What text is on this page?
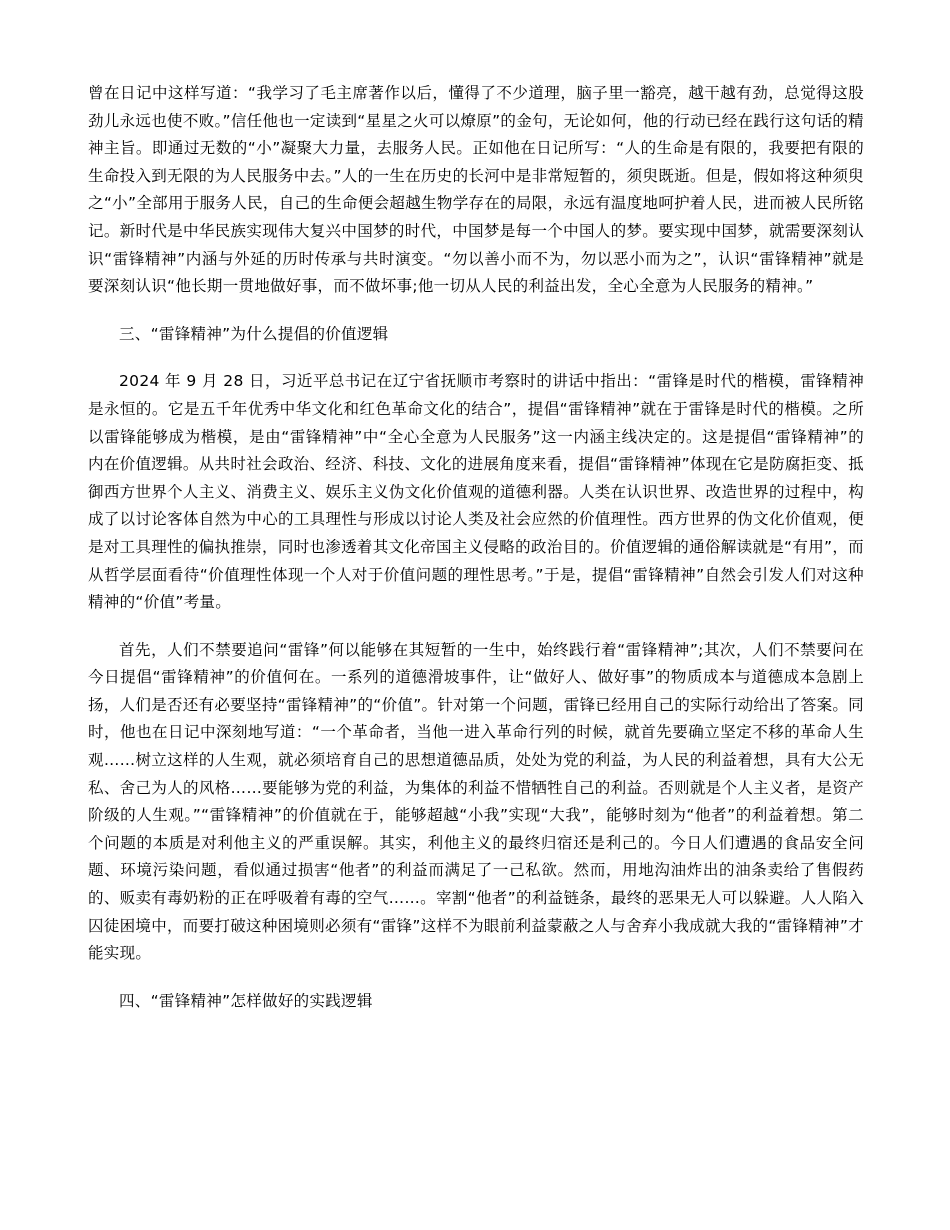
曾在日记中这样写道：“我学习了毛主席著作以后，懂得了不少道理，脑子里一豁亮，越干越有劲，总觉得这股劲儿永远也使不败。”信任他也一定读到“星星之火可以燎原”的金句，无论如何，他的行动已经在践行这句话的精神主旨。即通过无数的“小”凝聚大力量，去服务人民。正如他在日记所写：“人的生命是有限的，我要把有限的生命投入到无限的为人民服务中去。”人的一生在历史的长河中是非常短暂的，须臾既逝。但是，假如将这种须臾之“小”全部用于服务人民，自己的生命便会超越生物学存在的局限，永远有温度地呵护着人民，进而被人民所铭记。新时代是中华民族实现伟大复兴中国梦的时代，中国梦是每一个中国人的梦。要实现中国梦，就需要深刻认识“雷锋精神”内涵与外延的历时传承与共时演变。“勿以善小而不为，勿以恶小而为之”，认识“雷锋精神”就是要深刻认识“他长期一贯地做好事，而不做坏事;他一切从人民的利益出发，全心全意为人民服务的精神。”

三、“雷锋精神”为什么提倡的价值逻辑

2024 年 9 月 28 日，习近平总书记在辽宁省抚顺市考察时的讲话中指出：“雷锋是时代的楷模，雷锋精神是永恒的。它是五千年优秀中华文化和红色革命文化的结合”，提倡“雷锋精神”就在于雷锋是时代的楷模。之所以雷锋能够成为楷模，是由“雷锋精神”中“全心全意为人民服务”这一内涵主线决定的。这是提倡“雷锋精神”的内在价值逻辑。从共时社会政治、经济、科技、文化的进展角度来看，提倡“雷锋精神”体现在它是防腐拒变、抵御西方世界个人主义、消费主义、娱乐主义伪文化价值观的道德利器。人类在认识世界、改造世界的过程中，构成了以讨论客体自然为中心的工具理性与形成以讨论人类及社会应然的价值理性。西方世界的伪文化价值观，便是对工具理性的偏执推崇，同时也渗透着其文化帝国主义侵略的政治目的。价值逻辑的通俗解读就是“有用”，而从哲学层面看待“价值理性体现一个人对于价值问题的理性思考。”于是，提倡“雷锋精神”自然会引发人们对这种精神的“价值”考量。

首先，人们不禁要追问“雷锋”何以能够在其短暂的一生中，始终践行着“雷锋精神”;其次，人们不禁要问在今日提倡“雷锋精神”的价值何在。一系列的道德滑坡事件，让“做好人、做好事”的物质成本与道德成本急剧上扬，人们是否还有必要坚持“雷锋精神”的“价值”。针对第一个问题，雷锋已经用自己的实际行动给出了答案。同时，他也在日记中深刻地写道：“一个革命者，当他一进入革命行列的时候，就首先要确立坚定不移的革命人生观……树立这样的人生观，就必须培育自己的思想道德品质，处处为党的利益，为人民的利益着想，具有大公无私、舍己为人的风格……要能够为党的利益，为集体的利益不惜牺牲自己的利益。否则就是个人主义者，是资产阶级的人生观。”“雷锋精神”的价值就在于，能够超越“小我”实现“大我”，能够时刻为“他者”的利益着想。第二个问题的本质是对利他主义的严重误解。其实，利他主义的最终归宿还是利己的。今日人们遭遇的食品安全问题、环境污染问题，看似通过损害“他者”的利益而满足了一己私欲。然而，用地沟油炸出的油条卖给了售假药的、贩卖有毒奶粉的正在呼吸着有毒的空气……。宰割“他者”的利益链条，最终的恶果无人可以躲避。人人陷入囚徒困境中，而要打破这种困境则必须有“雷锋”这样不为眼前利益蒙蔽之人与舍弃小我成就大我的“雷锋精神”才能实现。

四、“雷锋精神”怎样做好的实践逻辑
